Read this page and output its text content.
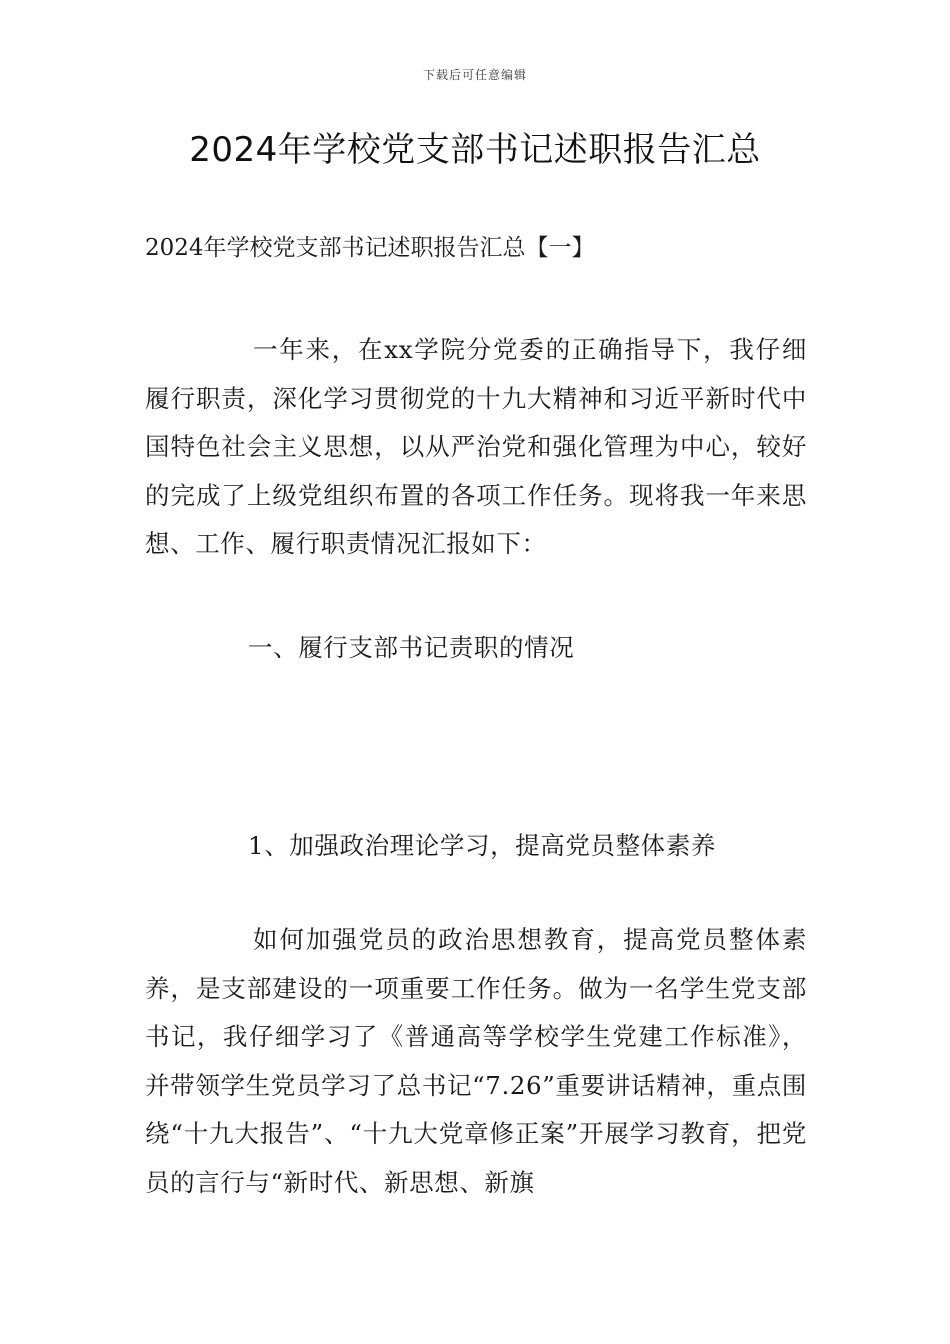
下载后可任意编辑
2024年学校党支部书记述职报告汇总
2024年学校党支部书记述职报告汇总【一】
一年来，在xx学院分党委的正确指导下，我仔细履行职责，深化学习贯彻党的十九大精神和习近平新时代中国特色社会主义思想，以从严治党和强化管理为中心，较好的完成了上级党组织布置的各项工作任务。现将我一年来思想、工作、履行职责情况汇报如下：
一、履行支部书记责职的情况
1、加强政治理论学习，提高党员整体素养
如何加强党员的政治思想教育，提高党员整体素养，是支部建设的一项重要工作任务。做为一名学生党支部书记，我仔细学习了《普通高等学校学生党建工作标准》，并带领学生党员学习了总书记“7.26”重要讲话精神，重点围绕“十九大报告”、“十九大党章修正案”开展学习教育，把党员的言行与“新时代、新思想、新旗
